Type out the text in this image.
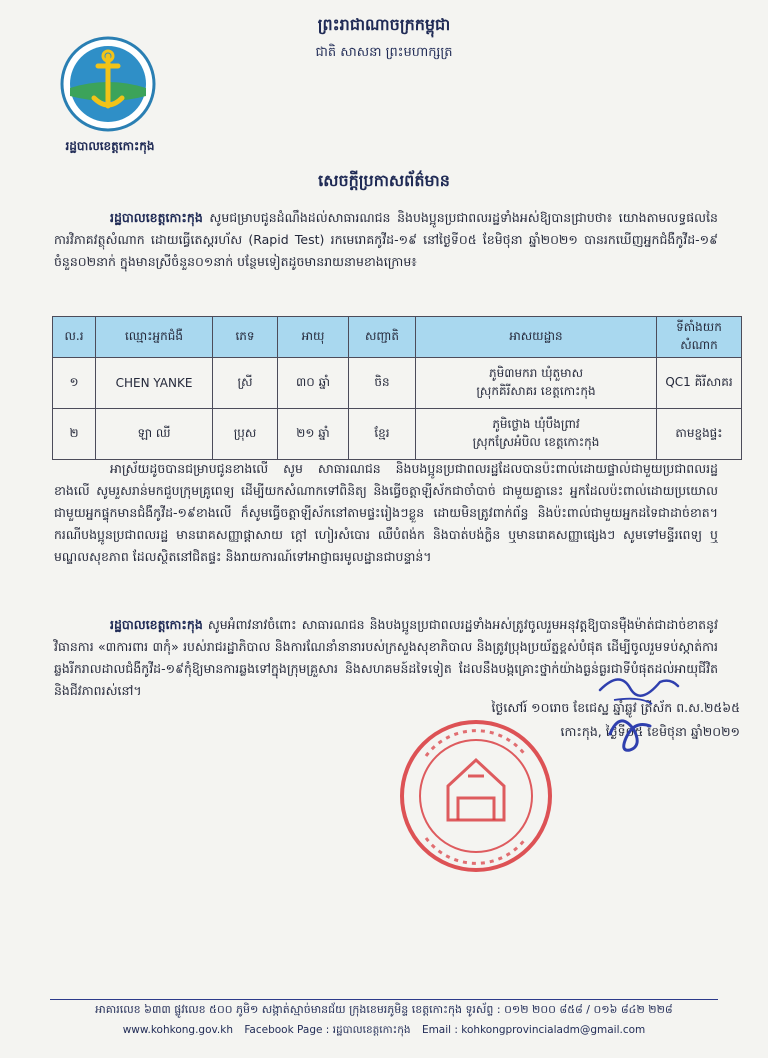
ព្រះរាជាណាចក្រកម្ពុជា
ជាតិ សាសនា ព្រះមហាក្សត្រ
រដ្ឋបាលខេត្តកោះកុង
សេចក្តីប្រកាសព័ត៌មាន
រដ្ឋបាលខេត្តកោះកុង សូមជម្រាបជូនដំណឹងដល់សាធារណជន និងបងប្អូនប្រជាពលរដ្ឋទាំងអស់ឱ្យបានជ្រាបថា៖ យោងតាមលទ្ធផលនៃការវិភាគវត្ថុសំណាក ដោយធ្វើតេស្តរហ័ស (Rapid Test) រកមេរោគកូវីដ-១៩ នៅថ្ងៃទី០៥ ខែមិថុនា ឆ្នាំ២០២១ បានរកឃើញអ្នកជំងឺកូវីដ-១៩ ចំនួន០២នាក់ ក្នុងមានស្រីចំនួន០១នាក់ បន្ថែមទៀតដូចមានរាយនាមខាងក្រោម៖
ល.រ	ឈ្មោះអ្នកជំងឺ	ភេទ	អាយុ	សញ្ជាតិ	អាសយដ្ឋាន	ទីតាំងយកសំណាក
១	CHEN YANKE	ស្រី	៣០ ឆ្នាំ	ចិន	ភូមិ៣មករា ឃុំតួមាស
ស្រុកគិរីសាគរ ខេត្តកោះកុង	QC1 គិរីសាគរ
២	ឡា ឈី	ប្រុស	២១ ឆ្នាំ	ខ្មែរ	ភូមិថ្លោង ឃុំបឹងព្រាវ
ស្រុកស្រែអំបិល ខេត្តកោះកុង	តាមខ្នងផ្ទះ
អាស្រ័យដូចបានជម្រាបជូនខាងលើ សូម សាធារណជន និងបងប្អូនប្រជាពលរដ្ឋដែលបានប៉ះពាល់ដោយផ្ទាល់ជាមួយប្រជាពលរដ្ឋខាងលើ សូមរួសរាន់មកជួបក្រុមគ្រូពេទ្យ ដើម្បីយកសំណាកទៅពិនិត្យ និងធ្វើចត្តាឡីស័កជាចាំបាច់ ជាមួយគ្នានេះ អ្នកដែលប៉ះពាល់ដោយប្រយោលជាមួយអ្នកផ្ទុកមានជំងឺកូវីដ-១៩ខាងលើ ក៏សូមធ្វើចត្តាឡីស័កនៅតាមផ្ទះរៀងៗខ្លួន ដោយមិនត្រូវពាក់ព័ន្ធ និងប៉ះពាល់ជាមួយអ្នកដទៃជាដាច់ខាត។ ករណីបងប្អូនប្រជាពលរដ្ឋ មានរោគសញ្ញាផ្តាសាយ ក្តៅ ហៀរសំបោរ ឈឺបំពង់ក និងបាត់បង់ក្លិន ឬមានរោគសញ្ញាផ្សេងៗ សូមទៅមន្ទីរពេទ្យ ឬមណ្ឌលសុខភាព ដែលស្ថិតនៅជិតផ្ទះ និងរាយការណ៍ទៅអាជ្ញាធរមូលដ្ឋានជាបន្ទាន់។
រដ្ឋបាលខេត្តកោះកុង សូមអំពាវនាវចំពោះ សាធារណជន និងបងប្អូនប្រជាពលរដ្ឋទាំងអស់ត្រូវចូលរួមអនុវត្តឱ្យបានម៉ឺងម៉ាត់ជាដាច់ខាតនូវវិធានការ «៣ការពារ ៣កុំ» របស់រាជរដ្ឋាភិបាល និងការណែនាំនានារបស់ក្រសួងសុខាភិបាល និងត្រូវប្រុងប្រយ័ត្នខ្ពស់បំផុត ដើម្បីចូលរួមទប់ស្កាត់ការឆ្លងរីករាលដាលជំងឺកូវីដ-១៩កុំឱ្យមានការឆ្លងទៅក្នុងក្រុមគ្រួសារ និងសហគមន៍ដទៃទៀត ដែលនឹងបង្កគ្រោះថ្នាក់យ៉ាងធ្ងន់ធ្ងរជាទីបំផុតដល់អាយុជីវិត និងជីវភាពរស់នៅ។
ថ្ងៃសៅរ៍ ១០រោច ខែជេស្ឋ ឆ្នាំឆ្លូវ ត្រីស័ក ព.ស.២៥៦៥
កោះកុង, ថ្ងៃទី០៥ ខែមិថុនា ឆ្នាំ២០២១
អាគារលេខ ៦៣៣ ផ្លូវលេខ ៥០០ ភូមិ១ សង្កាត់ស្មាច់មានជ័យ ក្រុងខេមរភូមិន្ទ ខេត្តកោះកុង ទូរស័ព្ទ : ០១២ ២០០ ៨៥៨ / ០១៦ ៨៤២ ២២៨
www.kohkong.gov.kh Facebook Page : រដ្ឋបាលខេត្តកោះកុង Email : kohkongprovincialadm@gmail.com
